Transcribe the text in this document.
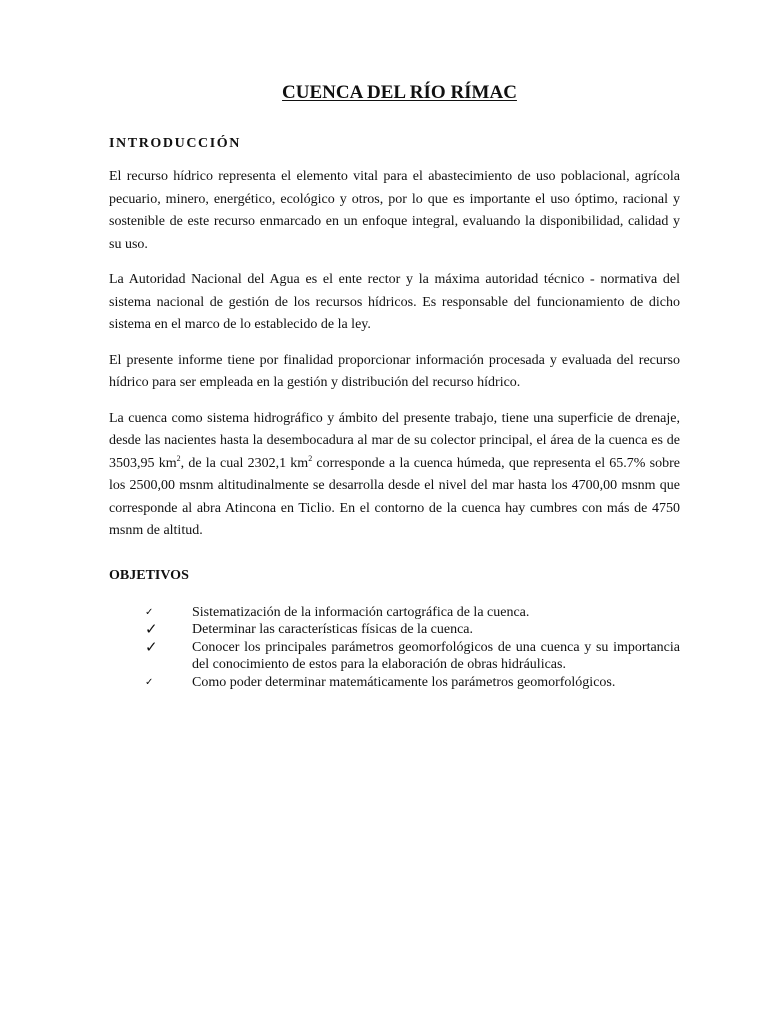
CUENCA DEL RÍO RÍMAC
INTRODUCCIÓN

El recurso hídrico representa el elemento vital para el abastecimiento de uso poblacional, agrícola pecuario, minero, energético, ecológico y otros, por lo que es importante el uso óptimo, racional y sostenible de este recurso enmarcado en un enfoque integral, evaluando la disponibilidad, calidad y su uso.

La Autoridad Nacional del Agua es el ente rector y la máxima autoridad técnico - normativa del sistema nacional de gestión de los recursos hídricos. Es responsable del funcionamiento de dicho sistema en el marco de lo establecido de la ley.

El presente informe tiene por finalidad proporcionar información procesada y evaluada del recurso hídrico para ser empleada en la gestión y distribución del recurso hídrico.

La cuenca como sistema hidrográfico y ámbito del presente trabajo, tiene una superficie de drenaje, desde las nacientes hasta la desembocadura al mar de su colector principal, el área de la cuenca es de 3503,95 $km^2$, de la cual 2302,1 $km^2$ corresponde a la cuenca húmeda, que representa el 65.7% sobre los 2500,00 msnm altitudinalmente se desarrolla desde el nivel del mar hasta los 4700,00 msnm que corresponde al abra Atincona en Ticlio. En el contorno de la cuenca hay cumbres con más de 4750 msnm de altitud.

OBJETIVOS
✓	Sistematización de la información cartográfica de la cuenca.
✓	Determinar las características físicas de la cuenca.
✓	Conocer los principales parámetros geomorfológicos de una cuenca y su importancia del conocimiento de estos para la elaboración de obras hidráulicas.
✓	Como poder determinar matemáticamente los parámetros geomorfológicos.
